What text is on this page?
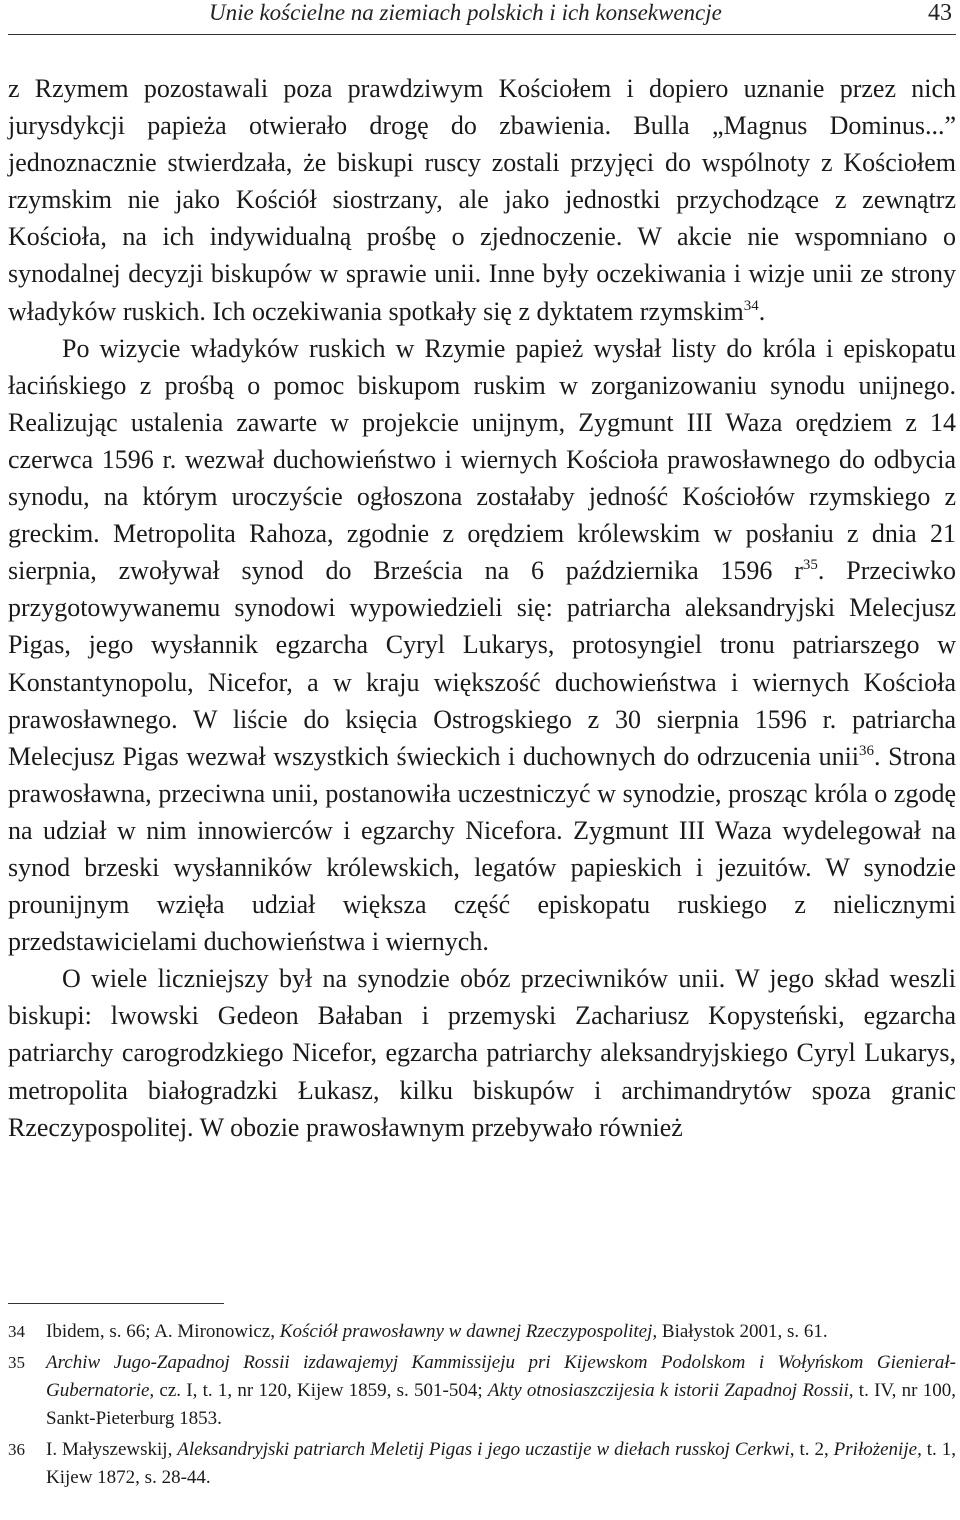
Unie kościelne na ziemiach polskich i ich konsekwencje	43

z Rzymem pozostawali poza prawdziwym Kościołem i dopiero uznanie przez nich jurysdykcji papieża otwierało drogę do zbawienia. Bulla „Magnus Dominus...” jednoznacznie stwierdzała, że biskupi ruscy zostali przyjęci do wspólnoty z Kościołem rzymskim nie jako Kościół siostrzany, ale jako jednostki przychodzące z zewnątrz Kościoła, na ich indywidualną prośbę o zjednoczenie. W akcie nie wspomniano o synodalnej decyzji biskupów w sprawie unii. Inne były oczekiwania i wizje unii ze strony władyków ruskich. Ich oczekiwania spotkały się z dyktatem rzymskim$^{34}$.

Po wizycie władyków ruskich w Rzymie papież wysłał listy do króla i episkopatu łacińskiego z prośbą o pomoc biskupom ruskim w zorganizowaniu synodu unijnego. Realizując ustalenia zawarte w projekcie unijnym, Zygmunt III Waza orędziem z 14 czerwca 1596 r. wezwał duchowieństwo i wiernych Kościoła prawosławnego do odbycia synodu, na którym uroczyście ogłoszona zostałaby jedność Kościołów rzymskiego z greckim. Metropolita Rahoza, zgodnie z orędziem królewskim w posłaniu z dnia 21 sierpnia, zwoływał synod do Brześcia na 6 października 1596 $r^{35}$. Przeciwko przygotowywanemu synodowi wypowiedzieli się: patriarcha aleksandryjski Melecjusz Pigas, jego wysłannik egzarcha Cyryl Lukarys, protosyngiel tronu patriarszego w Konstantynopolu, Nicefor, a w kraju większość duchowieństwa i wiernych Kościoła prawosławnego. W liście do księcia Ostrogskiego z 30 sierpnia 1596 r. patriarcha Melecjusz Pigas wezwał wszystkich świeckich i duchownych do odrzucenia unii$^{36}$. Strona prawosławna, przeciwna unii, postanowiła uczestniczyć w synodzie, prosząc króla o zgodę na udział w nim innowierców i egzarchy Nicefora. Zygmunt III Waza wydelegował na synod brzeski wysłanników królewskich, legatów papieskich i jezuitów. W synodzie prounijnym wzięła udział większa część episkopatu ruskiego z nielicznymi przedstawicielami duchowieństwa i wiernych.

O wiele liczniejszy był na synodzie obóz przeciwników unii. W jego skład weszli biskupi: lwowski Gedeon Bałaban i przemyski Zachariusz Kopysteński, egzarcha patriarchy carogrodzkiego Nicefor, egzarcha patriarchy aleksandryjskiego Cyryl Lukarys, metropolita białogradzki Łukasz, kilku biskupów i archimandrytów spoza granic Rzeczypospolitej. W obozie prawosławnym przebywało również

34	Ibidem, s. 66; A. Mironowicz, Kościół prawosławny w dawnej Rzeczypospolitej, Białystok 2001, s. 61.
35	Archiw Jugo-Zapadnoj Rossii izdawajemyj Kammissijeju pri Kijewskom Podolskom i Wołyńskom Gienierał-Gubernatorie, cz. I, t. 1, nr 120, Kijew 1859, s. 501-504; Akty otnosiaszczijesia k istorii Zapadnoj Rossii, t. IV, nr 100, Sankt-Pieterburg 1853.
36	I. Małyszewskij, Aleksandryjski patriarch Meletij Pigas i jego uczastije w diełach russkoj Cerkwi, t. 2, Priłożenije, t. 1, Kijew 1872, s. 28-44.
